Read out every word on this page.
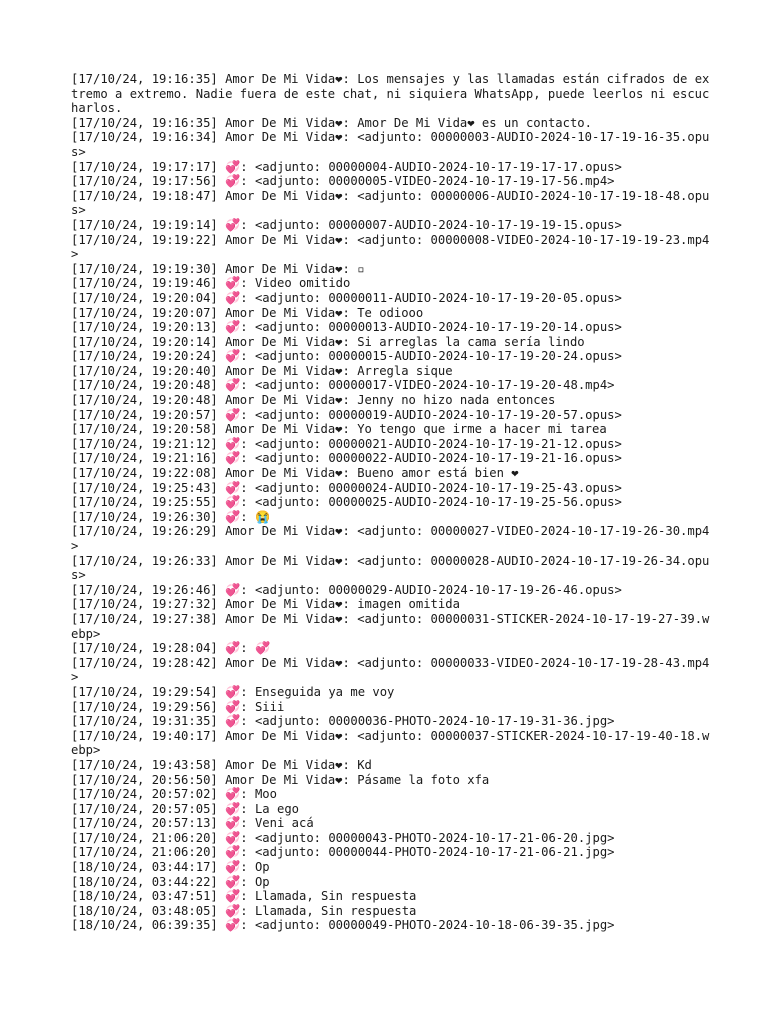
[17/10/24, 19:16:35] Amor De Mi Vida❤: Los mensajes y las llamadas están cifrados de extremo a extremo. Nadie fuera de este chat, ni siquiera WhatsApp, puede leerlos ni escucharlos.
[17/10/24, 19:16:35] Amor De Mi Vida❤: Amor De Mi Vida❤ es un contacto.
[17/10/24, 19:16:34] Amor De Mi Vida❤: <adjunto: 00000003-AUDIO-2024-10-17-19-16-35.opus>
[17/10/24, 19:17:17] 💞: <adjunto: 00000004-AUDIO-2024-10-17-19-17-17.opus>
[17/10/24, 19:17:56] 💞: <adjunto: 00000005-VIDEO-2024-10-17-19-17-56.mp4>
[17/10/24, 19:18:47] Amor De Mi Vida❤: <adjunto: 00000006-AUDIO-2024-10-17-19-18-48.opus>
[17/10/24, 19:19:14] 💞: <adjunto: 00000007-AUDIO-2024-10-17-19-19-15.opus>
[17/10/24, 19:19:22] Amor De Mi Vida❤: <adjunto: 00000008-VIDEO-2024-10-17-19-19-23.mp4>
[17/10/24, 19:19:30] Amor De Mi Vida❤: ▫
[17/10/24, 19:19:46] 💞: Video omitido
[17/10/24, 19:20:04] 💞: <adjunto: 00000011-AUDIO-2024-10-17-19-20-05.opus>
[17/10/24, 19:20:07] Amor De Mi Vida❤: Te odiooo
[17/10/24, 19:20:13] 💞: <adjunto: 00000013-AUDIO-2024-10-17-19-20-14.opus>
[17/10/24, 19:20:14] Amor De Mi Vida❤: Si arreglas la cama sería lindo
[17/10/24, 19:20:24] 💞: <adjunto: 00000015-AUDIO-2024-10-17-19-20-24.opus>
[17/10/24, 19:20:40] Amor De Mi Vida❤: Arregla sique
[17/10/24, 19:20:48] 💞: <adjunto: 00000017-VIDEO-2024-10-17-19-20-48.mp4>
[17/10/24, 19:20:48] Amor De Mi Vida❤: Jenny no hizo nada entonces
[17/10/24, 19:20:57] 💞: <adjunto: 00000019-AUDIO-2024-10-17-19-20-57.opus>
[17/10/24, 19:20:58] Amor De Mi Vida❤: Yo tengo que irme a hacer mi tarea
[17/10/24, 19:21:12] 💞: <adjunto: 00000021-AUDIO-2024-10-17-19-21-12.opus>
[17/10/24, 19:21:16] 💞: <adjunto: 00000022-AUDIO-2024-10-17-19-21-16.opus>
[17/10/24, 19:22:08] Amor De Mi Vida❤: Bueno amor está bien ❤
[17/10/24, 19:25:43] 💞: <adjunto: 00000024-AUDIO-2024-10-17-19-25-43.opus>
[17/10/24, 19:25:55] 💞: <adjunto: 00000025-AUDIO-2024-10-17-19-25-56.opus>
[17/10/24, 19:26:30] 💞: 😭
[17/10/24, 19:26:29] Amor De Mi Vida❤: <adjunto: 00000027-VIDEO-2024-10-17-19-26-30.mp4>
[17/10/24, 19:26:33] Amor De Mi Vida❤: <adjunto: 00000028-AUDIO-2024-10-17-19-26-34.opus>
[17/10/24, 19:26:46] 💞: <adjunto: 00000029-AUDIO-2024-10-17-19-26-46.opus>
[17/10/24, 19:27:32] Amor De Mi Vida❤: imagen omitida
[17/10/24, 19:27:38] Amor De Mi Vida❤: <adjunto: 00000031-STICKER-2024-10-17-19-27-39.webp>
[17/10/24, 19:28:04] 💞: 💞
[17/10/24, 19:28:42] Amor De Mi Vida❤: <adjunto: 00000033-VIDEO-2024-10-17-19-28-43.mp4>
[17/10/24, 19:29:54] 💞: Enseguida ya me voy
[17/10/24, 19:29:56] 💞: Siii
[17/10/24, 19:31:35] 💞: <adjunto: 00000036-PHOTO-2024-10-17-19-31-36.jpg>
[17/10/24, 19:40:17] Amor De Mi Vida❤: <adjunto: 00000037-STICKER-2024-10-17-19-40-18.webp>
[17/10/24, 19:43:58] Amor De Mi Vida❤: Kd
[17/10/24, 20:56:50] Amor De Mi Vida❤: Pásame la foto xfa
[17/10/24, 20:57:02] 💞: Moo
[17/10/24, 20:57:05] 💞: La ego
[17/10/24, 20:57:13] 💞: Veni acá
[17/10/24, 21:06:20] 💞: <adjunto: 00000043-PHOTO-2024-10-17-21-06-20.jpg>
[17/10/24, 21:06:20] 💞: <adjunto: 00000044-PHOTO-2024-10-17-21-06-21.jpg>
[18/10/24, 03:44:17] 💞: Op
[18/10/24, 03:44:22] 💞: Op
[18/10/24, 03:47:51] 💞: Llamada, Sin respuesta
[18/10/24, 03:48:05] 💞: Llamada, Sin respuesta
[18/10/24, 06:39:35] 💞: <adjunto: 00000049-PHOTO-2024-10-18-06-39-35.jpg>
